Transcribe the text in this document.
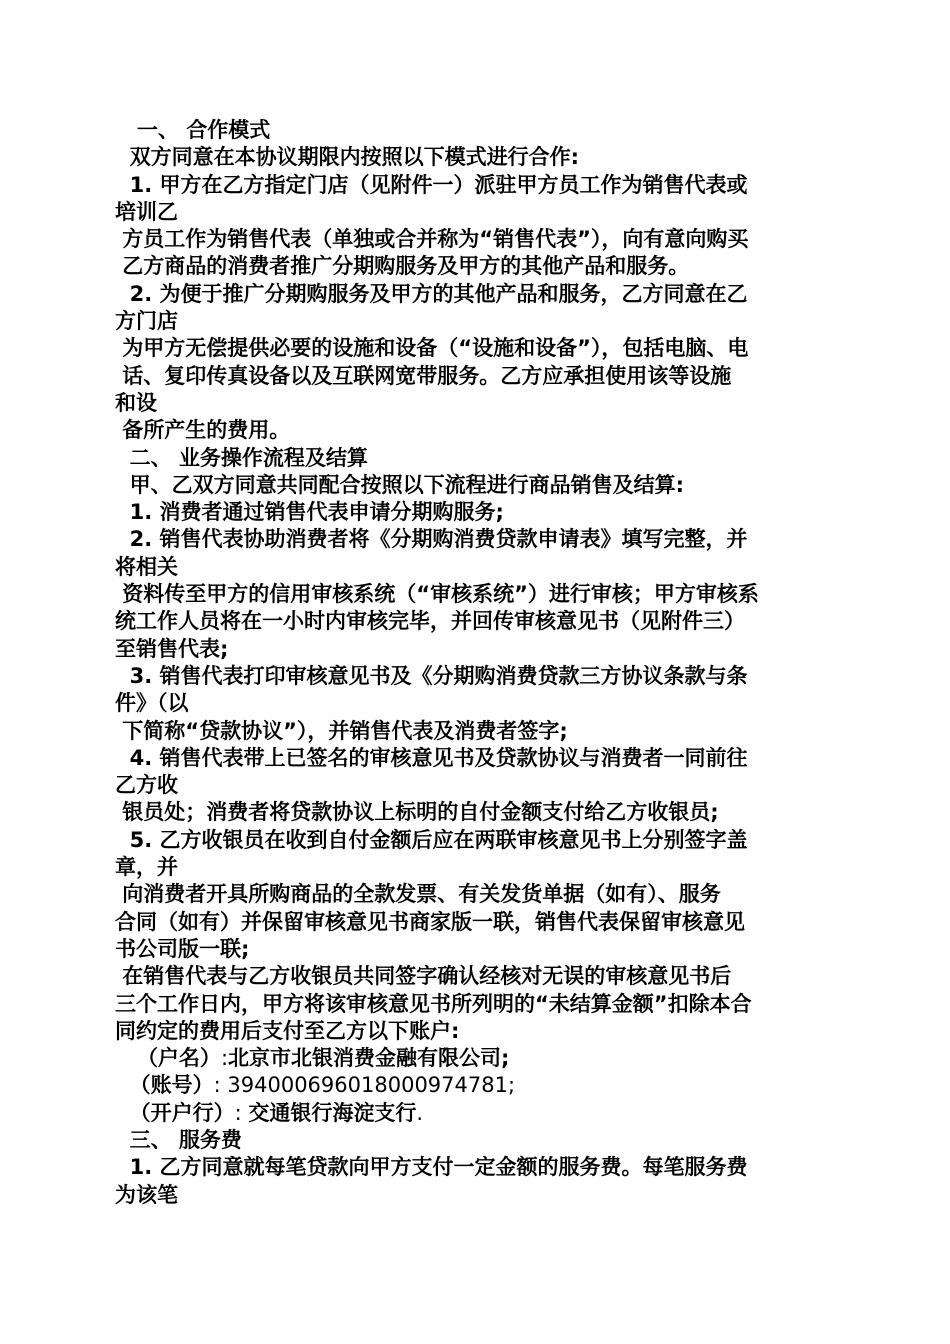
一、 合作模式
双方同意在本协议期限内按照以下模式进行合作:
1. 甲方在乙方指定门店（见附件一）派驻甲方员工作为销售代表或
培训乙
方员工作为销售代表（单独或合并称为“销售代表”），向有意向购买
乙方商品的消费者推广分期购服务及甲方的其他产品和服务。
2. 为便于推广分期购服务及甲方的其他产品和服务，乙方同意在乙
方门店
为甲方无偿提供必要的设施和设备（“设施和设备”），包括电脑、电
话、复印传真设备以及互联网宽带服务。乙方应承担使用该等设施
和设
备所产生的费用。
二、 业务操作流程及结算
甲、乙双方同意共同配合按照以下流程进行商品销售及结算:
1. 消费者通过销售代表申请分期购服务;
2. 销售代表协助消费者将《分期购消费贷款申请表》填写完整，并
将相关
资料传至甲方的信用审核系统（“审核系统”）进行审核；甲方审核系
统工作人员将在一小时内审核完毕，并回传审核意见书（见附件三）
至销售代表;
3. 销售代表打印审核意见书及《分期购消费贷款三方协议条款与条
件》（以
下简称“贷款协议”），并销售代表及消费者签字;
4. 销售代表带上已签名的审核意见书及贷款协议与消费者一同前往
乙方收
银员处；消费者将贷款协议上标明的自付金额支付给乙方收银员;
5. 乙方收银员在收到自付金额后应在两联审核意见书上分别签字盖
章，并
向消费者开具所购商品的全款发票、有关发货单据（如有）、服务
合同（如有）并保留审核意见书商家版一联，销售代表保留审核意见
书公司版一联;
在销售代表与乙方收银员共同签字确认经核对无误的审核意见书后
三个工作日内，甲方将该审核意见书所列明的“未结算金额”扣除本合
同约定的费用后支付至乙方以下账户:
（户名）:北京市北银消费金融有限公司;
（账号）: 394000696018000974781;
（开户行）: 交通银行海淀支行.
三、 服务费
1. 乙方同意就每笔贷款向甲方支付一定金额的服务费。每笔服务费
为该笔
